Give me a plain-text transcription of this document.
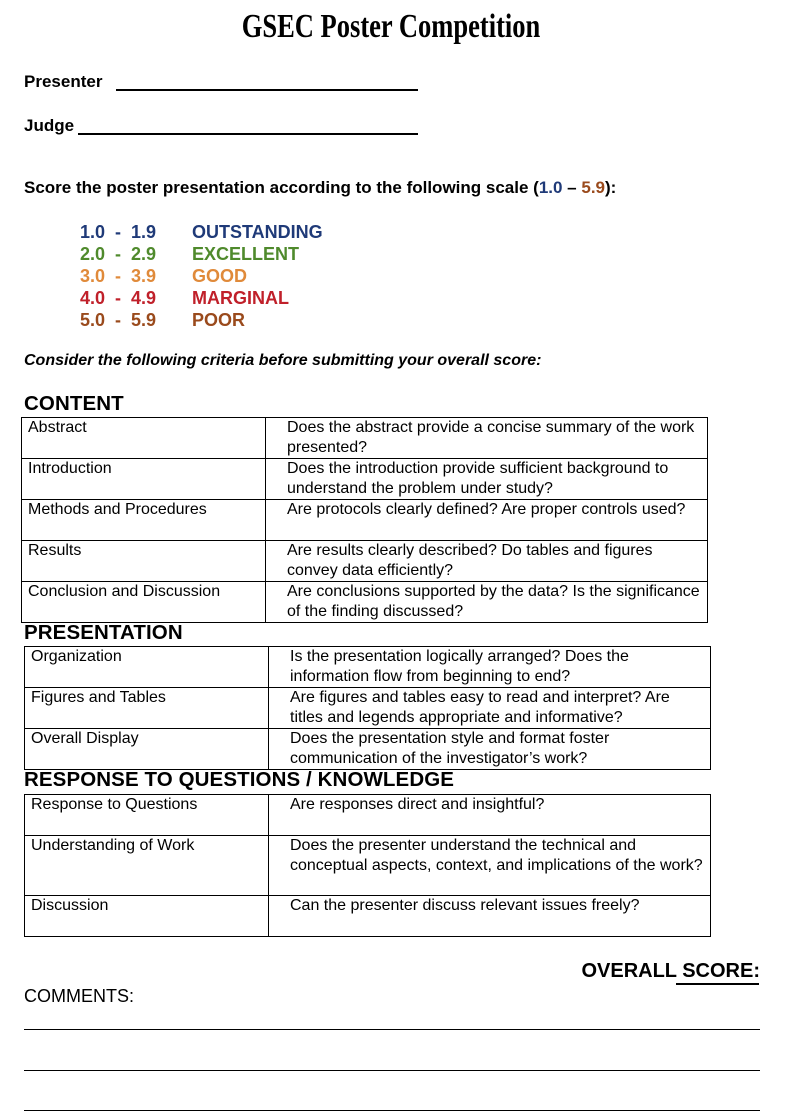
GSEC Poster Competition
Presenter
Judge
Score the poster presentation according to the following scale (1.0 – 5.9):
1.0  -  1.9 OUTSTANDING
2.0  -  2.9 EXCELLENT
3.0  -  3.9 GOOD
4.0  -  4.9 MARGINAL
5.0  -  5.9 POOR
Consider the following criteria before submitting your overall score:
CONTENT
Abstract	Does the abstract provide a concise summary of the work presented?
Introduction	Does the introduction provide sufficient background to understand the problem under study?
Methods and Procedures	Are protocols clearly defined? Are proper controls used?
Results	Are results clearly described? Do tables and figures convey data efficiently?
Conclusion and Discussion	Are conclusions supported by the data? Is the significance of the finding discussed?
PRESENTATION
Organization	Is the presentation logically arranged? Does the information flow from beginning to end?
Figures and Tables	Are figures and tables easy to read and interpret? Are titles and legends appropriate and informative?
Overall Display	Does the presentation style and format foster communication of the investigator’s work?
RESPONSE TO QUESTIONS / KNOWLEDGE
Response to Questions	Are responses direct and insightful?
Understanding of Work	Does the presenter understand the technical and conceptual aspects, context, and implications of the work?
Discussion	Can the presenter discuss relevant issues freely?
OVERALL SCORE:
COMMENTS:
